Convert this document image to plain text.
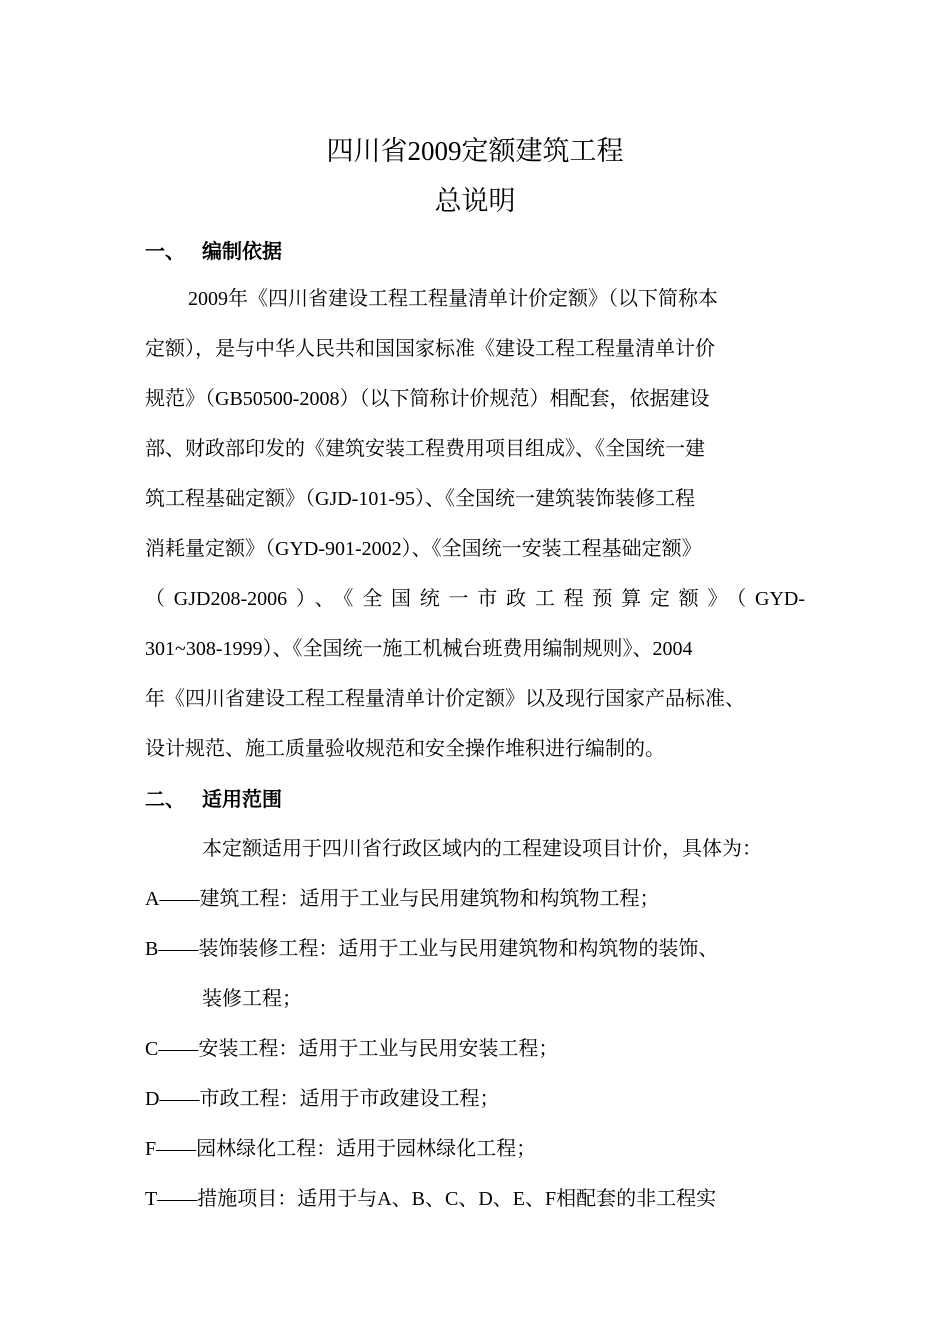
四川省2009定额建筑工程
总说明
一、 编制依据
2009年《四川省建设工程工程量清单计价定额》（以下简称本
定额），是与中华人民共和国国家标准《建设工程工程量清单计价
规范》（GB50500-2008）（以下简称计价规范）相配套，依据建设
部、财政部印发的《建筑安装工程费用项目组成》、《全国统一建
筑工程基础定额》（GJD-101-95）、《全国统一建筑装饰装修工程
消耗量定额》（GYD-901-2002）、《全国统一安装工程基础定额》
（GJD208-2006）、《全国统一市政工程预算定额》（GYD-
301~308-1999）、《全国统一施工机械台班费用编制规则》、2004
年《四川省建设工程工程量清单计价定额》以及现行国家产品标准、
设计规范、施工质量验收规范和安全操作堆积进行编制的。
二、 适用范围
本定额适用于四川省行政区域内的工程建设项目计价，具体为：
A——建筑工程：适用于工业与民用建筑物和构筑物工程；
B——装饰装修工程：适用于工业与民用建筑物和构筑物的装饰、
装修工程；
C——安装工程：适用于工业与民用安装工程；
D——市政工程：适用于市政建设工程；
F——园林绿化工程：适用于园林绿化工程；
T——措施项目：适用于与A、B、C、D、E、F相配套的非工程实
